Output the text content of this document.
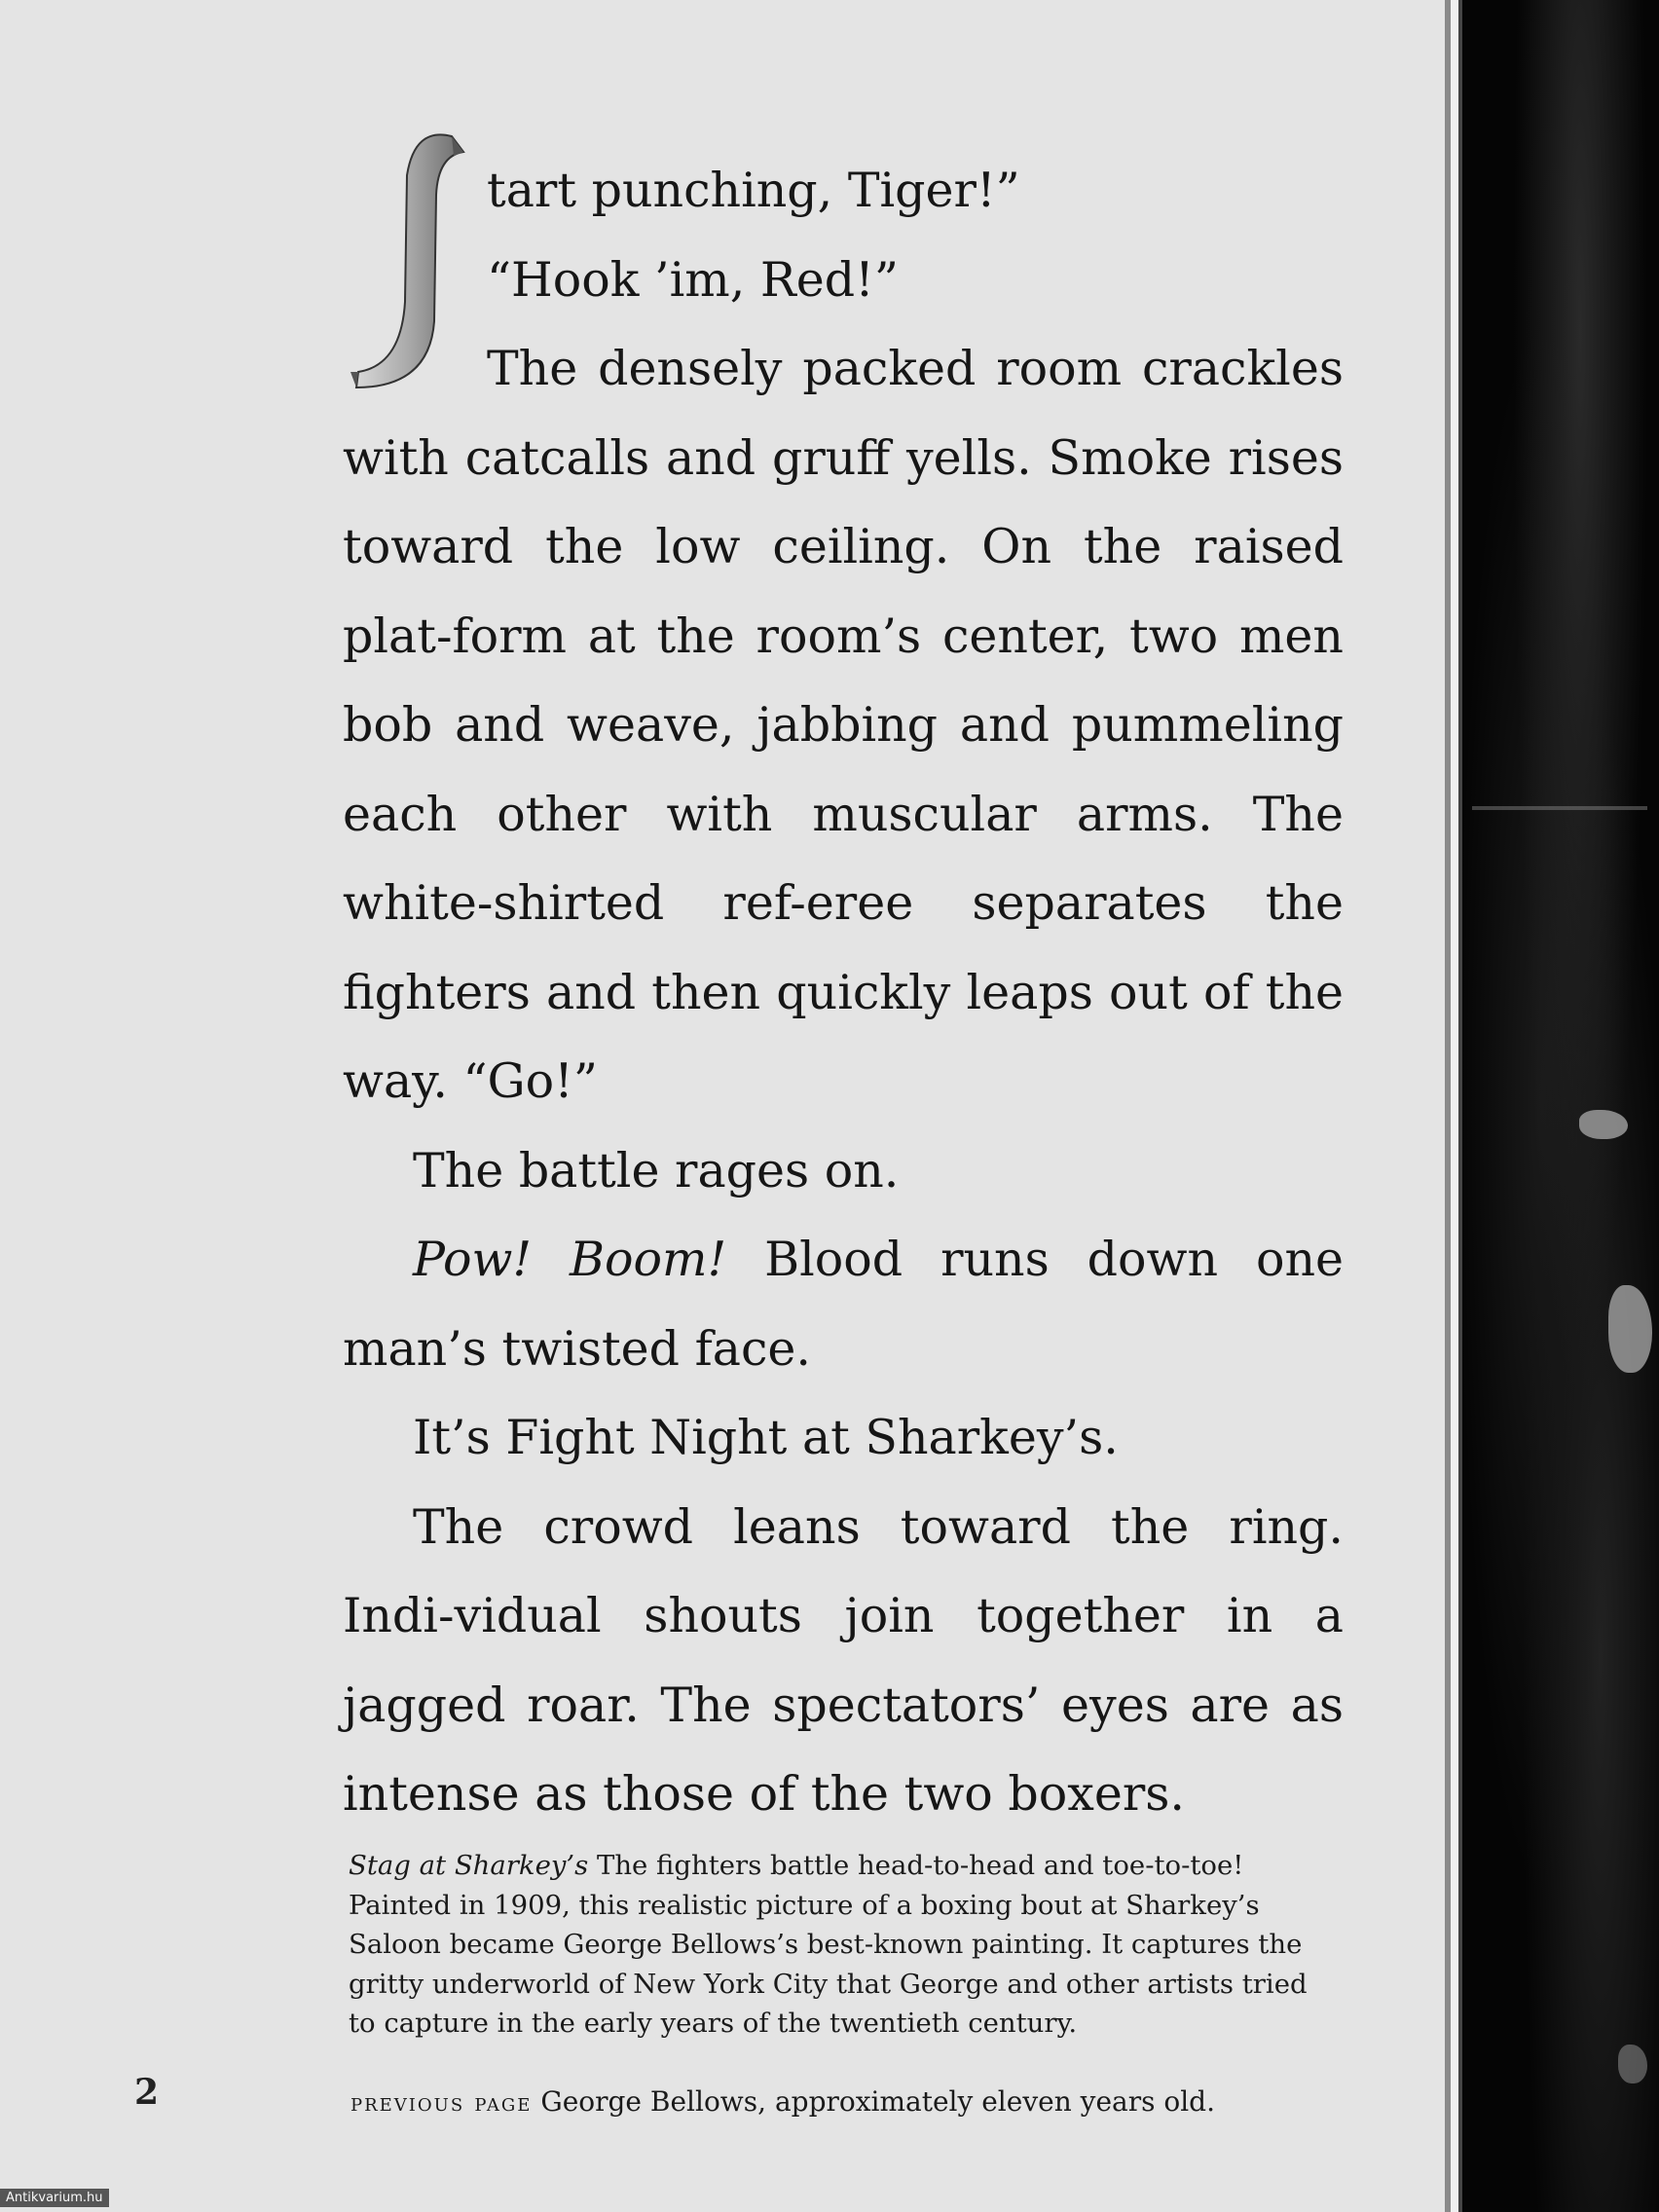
tart punching, Tiger!”

“Hook ’im, Red!”

The densely packed room crackles with catcalls and gruff yells. Smoke rises toward the low ceiling. On the raised plat-form at the room’s center, two men bob and weave, jabbing and pummeling each other with muscular arms. The white-shirted ref-eree separates the fighters and then quickly leaps out of the way. “Go!”

The battle rages on.

Pow! Boom! Blood runs down one man’s twisted face.

It’s Fight Night at Sharkey’s.

The crowd leans toward the ring. Indi-vidual shouts join together in a jagged roar. The spectators’ eyes are as intense as those of the two boxers.

Stag at Sharkey’s The fighters battle head-to-head and toe-to-toe! Painted in 1909, this realistic picture of a boxing bout at Sharkey’s Saloon became George Bellows’s best-known painting. It captures the gritty underworld of New York City that George and other artists tried to capture in the early years of the twentieth century.
2	previous page George Bellows, approximately eleven years old.
Antikvarium.hu
